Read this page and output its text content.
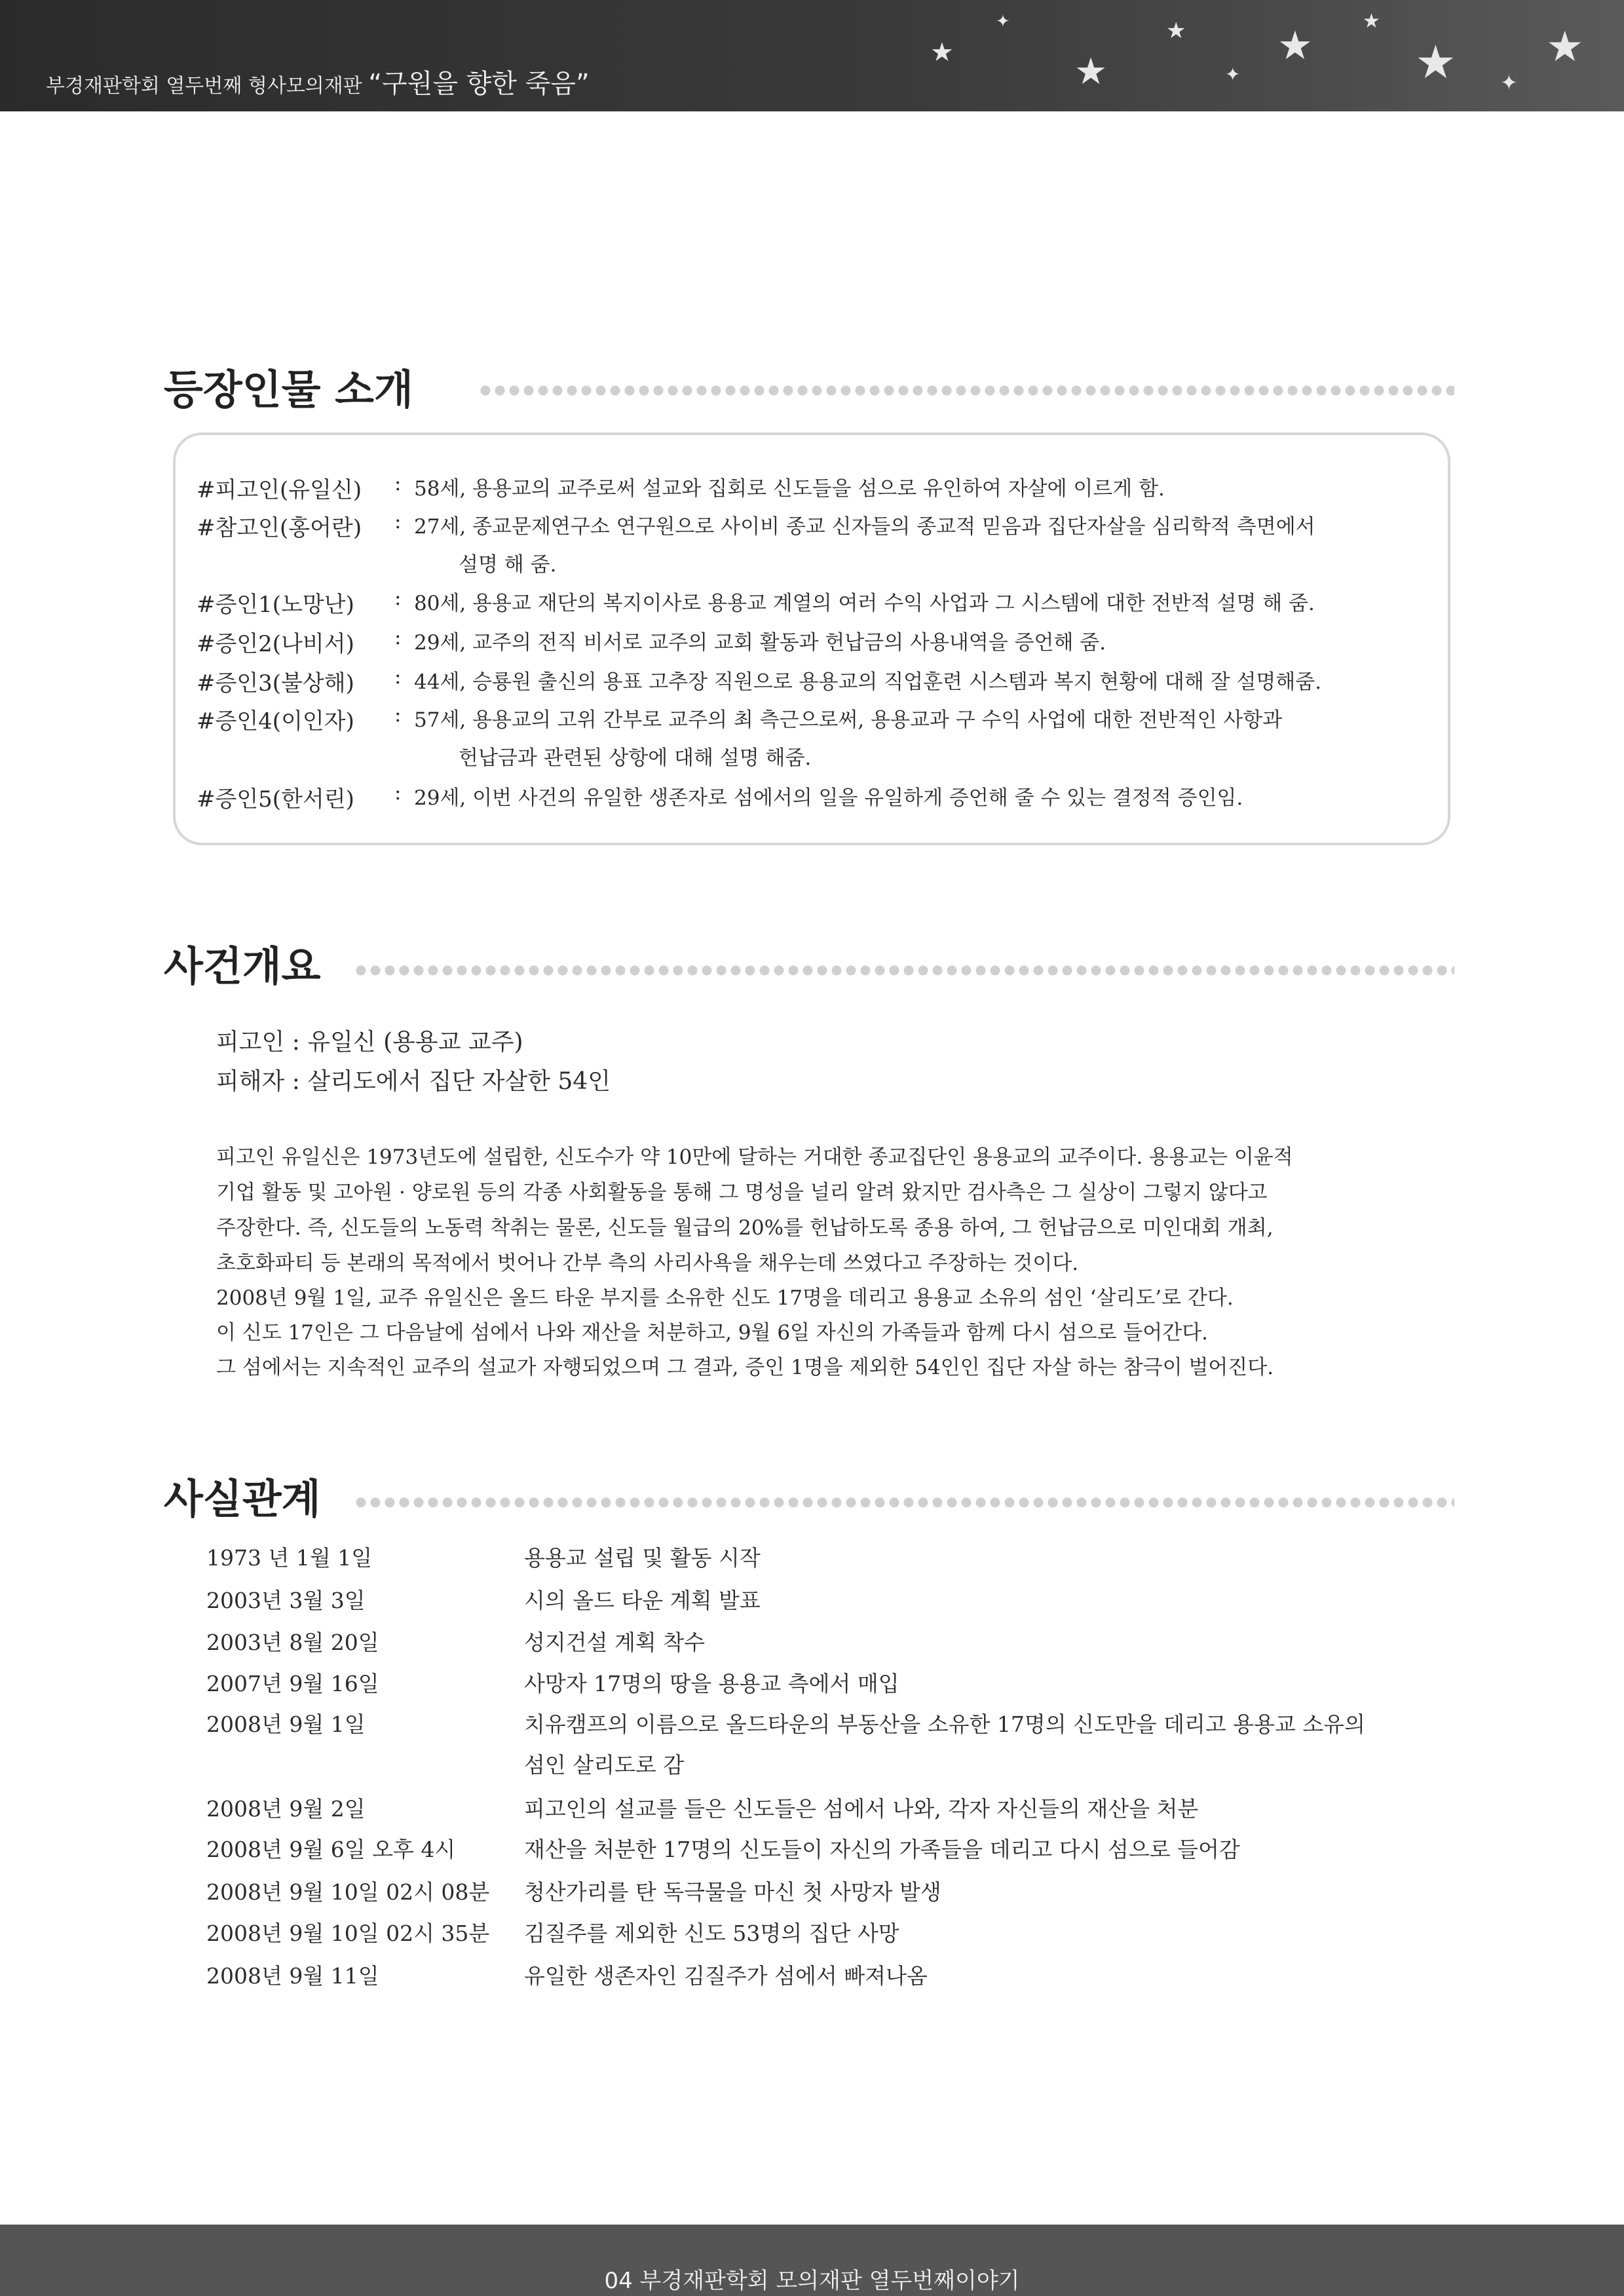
★
✦
★
★
✦
★
★
★ ✦
★
부경재판학회 열두번째 형사모의재판 “구원을 향한 죽음”
등장인물 소개
#피고인(유일신) : 58세, 용용교의 교주로써 설교와 집회로 신도들을 섬으로 유인하여 자살에 이르게 함.
#참고인(홍어란) : 27세, 종교문제연구소 연구원으로 사이비 종교 신자들의 종교적 믿음과 집단자살을 심리학적 측면에서
설명 해 줌.
#증인1(노망난) : 80세, 용용교 재단의 복지이사로 용용교 계열의 여러 수익 사업과 그 시스템에 대한 전반적 설명 해 줌.
#증인2(나비서) : 29세, 교주의 전직 비서로 교주의 교회 활동과 헌납금의 사용내역을 증언해 줌.
#증인3(불상해) : 44세, 승룡원 출신의 용표 고추장 직원으로 용용교의 직업훈련 시스템과 복지 현황에 대해 잘 설명해줌.
#증인4(이인자) : 57세, 용용교의 고위 간부로 교주의 최 측근으로써, 용용교과 구 수익 사업에 대한 전반적인 사항과
헌납금과 관련된 상항에 대해 설명 해줌.
#증인5(한서린) : 29세, 이번 사건의 유일한 생존자로 섬에서의 일을 유일하게 증언해 줄 수 있는 결정적 증인임.
사건개요
피고인 : 유일신 (용용교 교주)
피해자 : 살리도에서 집단 자살한 54인
피고인 유일신은 1973년도에 설립한, 신도수가 약 10만에 달하는 거대한 종교집단인 용용교의 교주이다. 용용교는 이윤적
기업 활동 및 고아원 · 양로원 등의 각종 사회활동을 통해 그 명성을 널리 알려 왔지만 검사측은 그 실상이 그렇지 않다고
주장한다. 즉, 신도들의 노동력 착취는 물론, 신도들 월급의 20%를 헌납하도록 종용 하여, 그 헌납금으로 미인대회 개최,
초호화파티 등 본래의 목적에서 벗어나 간부 측의 사리사욕을 채우는데 쓰였다고 주장하는 것이다.
2008년 9월 1일, 교주 유일신은 올드 타운 부지를 소유한 신도 17명을 데리고 용용교 소유의 섬인 ‘살리도’로 간다.
이 신도 17인은 그 다음날에 섬에서 나와 재산을 처분하고, 9월 6일 자신의 가족들과 함께 다시 섬으로 들어간다.
그 섬에서는 지속적인 교주의 설교가 자행되었으며 그 결과, 증인 1명을 제외한 54인인 집단 자살 하는 참극이 벌어진다.
사실관계
1973 년 1월 1일	용용교 설립 및 활동 시작
2003년 3월 3일	시의 올드 타운 계획 발표
2003년 8월 20일	성지건설 계획 착수
2007년 9월 16일	사망자 17명의 땅을 용용교 측에서 매입
2008년 9월 1일	치유캠프의 이름으로 올드타운의 부동산을 소유한 17명의 신도만을 데리고 용용교 소유의
섬인 살리도로 감
2008년 9월 2일	피고인의 설교를 들은 신도들은 섬에서 나와, 각자 자신들의 재산을 처분
2008년 9월 6일 오후 4시	재산을 처분한 17명의 신도들이 자신의 가족들을 데리고 다시 섬으로 들어감
2008년 9월 10일 02시 08분 청산가리를 탄 독극물을 마신 첫 사망자 발생
2008년 9월 10일 02시 35분 김질주를 제외한 신도 53명의 집단 사망
2008년 9월 11일	유일한 생존자인 김질주가 섬에서 빠져나옴
04 부경재판학회 모의재판 열두번째이야기
